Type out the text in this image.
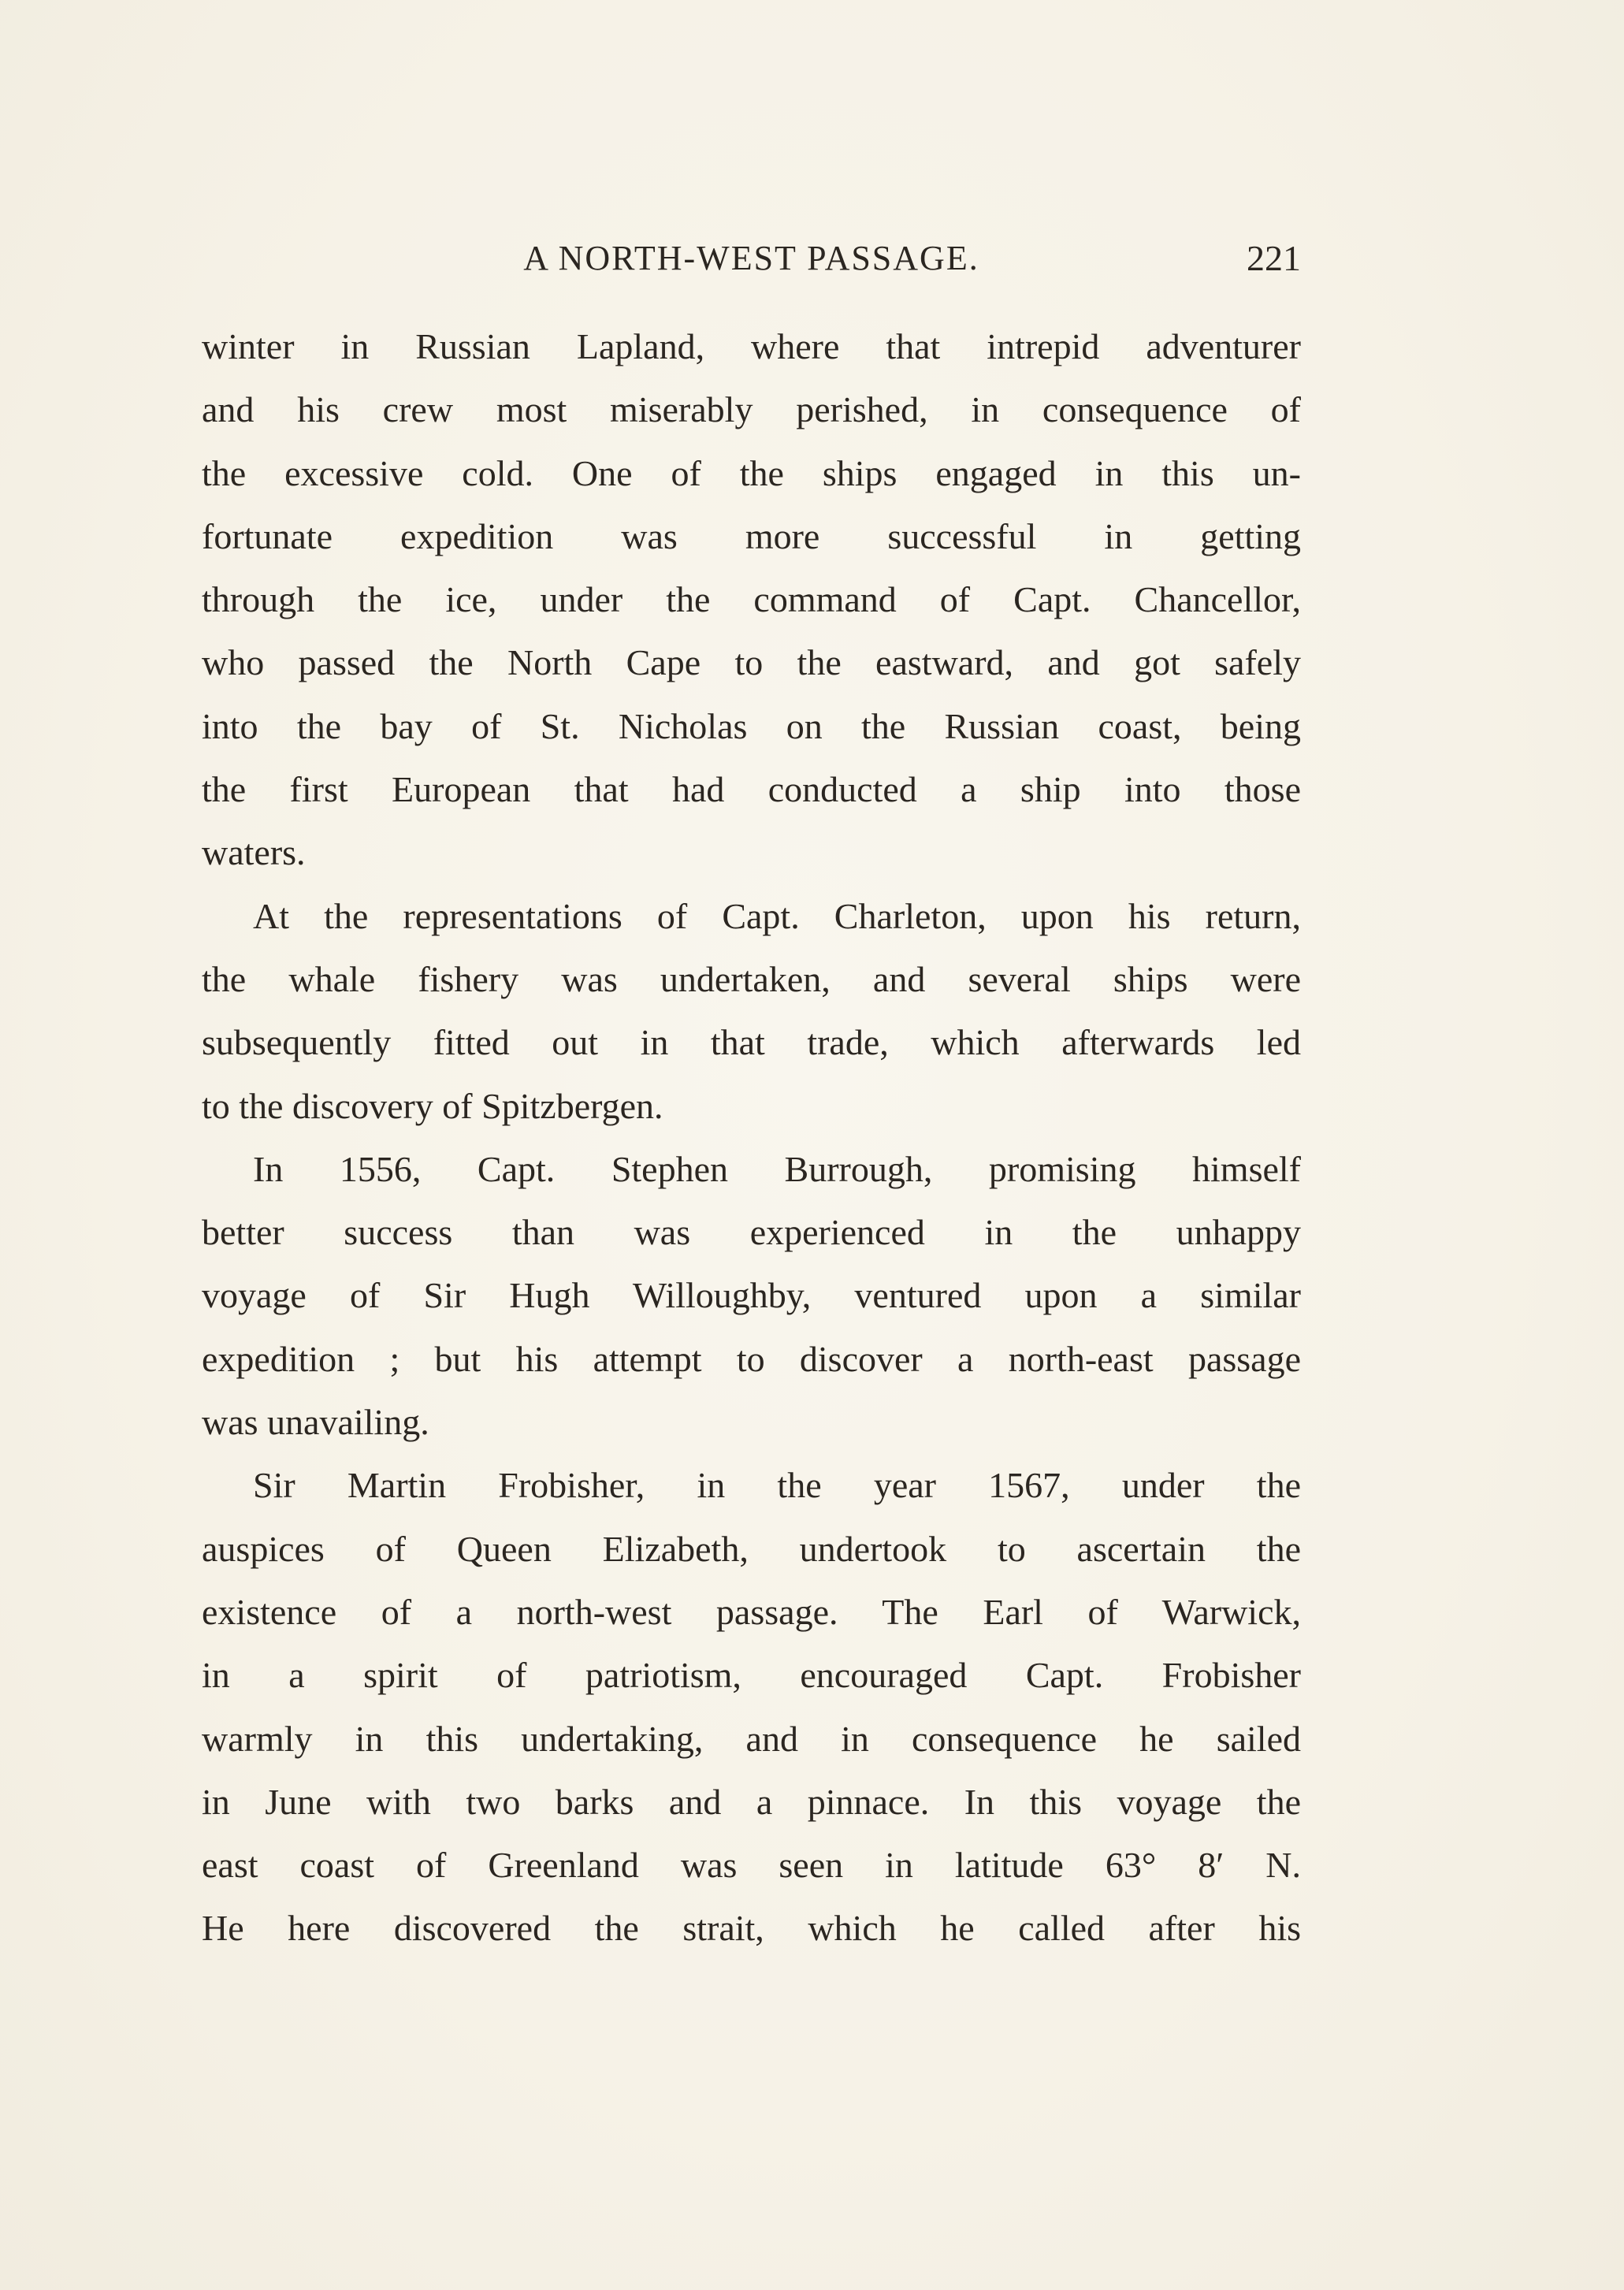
A NORTH-WEST PASSAGE.	221
winter in Russian Lapland, where that intrepid adventurer
and his crew most miserably perished, in consequence of
the excessive cold. One of the ships engaged in this un-
fortunate expedition was more successful in getting
through the ice, under the command of Capt. Chancellor,
who passed the North Cape to the eastward, and got safely
into the bay of St. Nicholas on the Russian coast, being
the first European that had conducted a ship into those
waters.
At the representations of Capt. Charleton, upon his return,
the whale fishery was undertaken, and several ships were
subsequently fitted out in that trade, which afterwards led
to the discovery of Spitzbergen.
In 1556, Capt. Stephen Burrough, promising himself
better success than was experienced in the unhappy
voyage of Sir Hugh Willoughby, ventured upon a similar
expedition ; but his attempt to discover a north-east passage
was unavailing.
Sir Martin Frobisher, in the year 1567, under the
auspices of Queen Elizabeth, undertook to ascertain the
existence of a north-west passage. The Earl of Warwick,
in a spirit of patriotism, encouraged Capt. Frobisher
warmly in this undertaking, and in consequence he sailed
in June with two barks and a pinnace. In this voyage the
east coast of Greenland was seen in latitude 63° 8′ N.
He here discovered the strait, which he called after his
